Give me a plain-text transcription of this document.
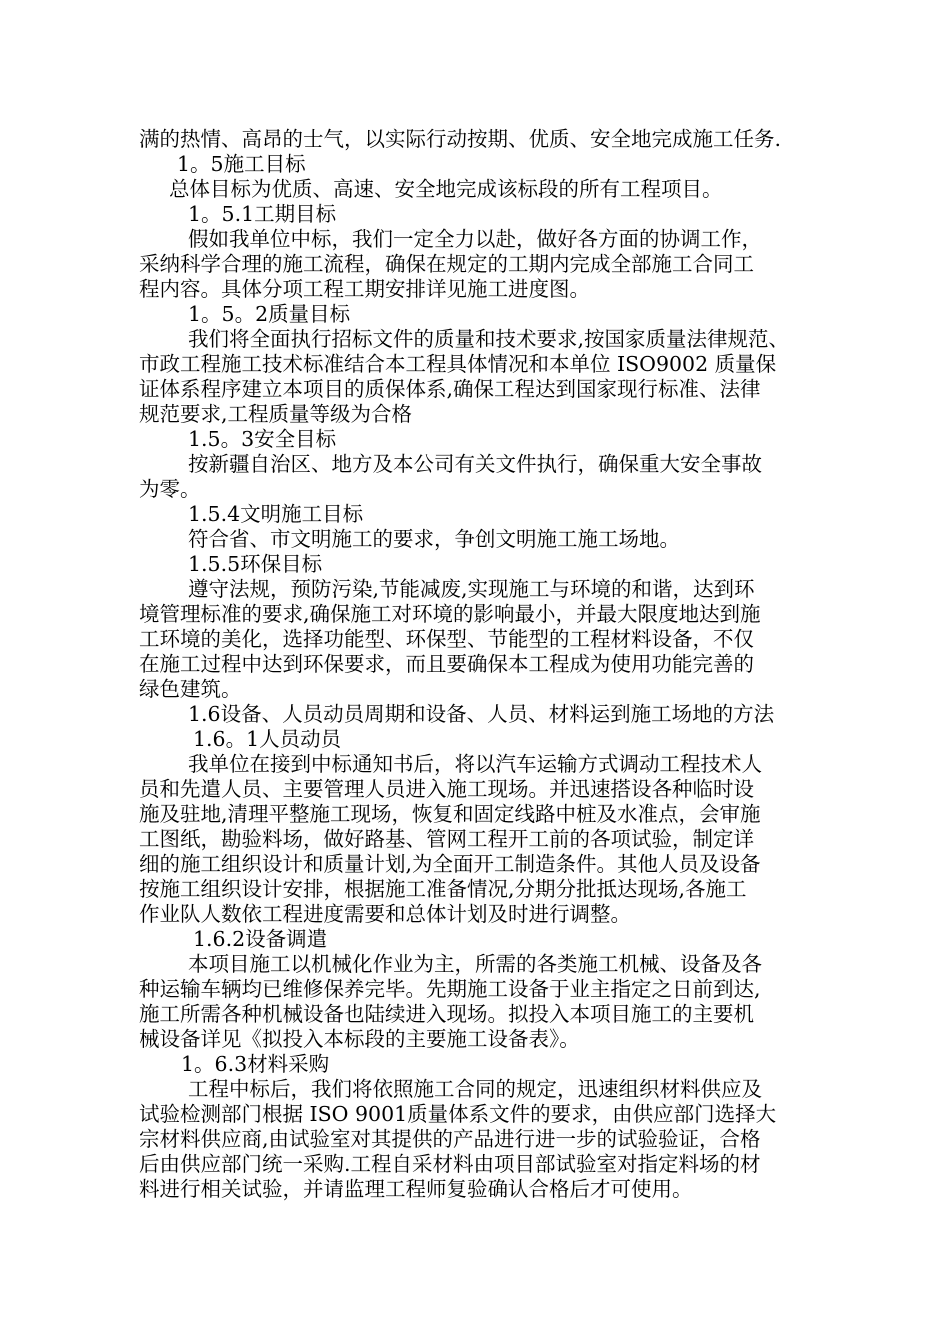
满的热情、高昂的士气，以实际行动按期、优质、安全地完成施工任务.
1。5施工目标
总体目标为优质、高速、安全地完成该标段的所有工程项目。
1。5.1工期目标
假如我单位中标，我们一定全力以赴，做好各方面的协调工作，
采纳科学合理的施工流程，确保在规定的工期内完成全部施工合同工
程内容。具体分项工程工期安排详见施工进度图。
1。5。2质量目标
我们将全面执行招标文件的质量和技术要求,按国家质量法律规范、
市政工程施工技术标准结合本工程具体情况和本单位 ISO9002 质量保
证体系程序建立本项目的质保体系,确保工程达到国家现行标准、法律
规范要求,工程质量等级为合格
1.5。3安全目标
按新疆自治区、地方及本公司有关文件执行，确保重大安全事故
为零。
1.5.4文明施工目标
符合省、市文明施工的要求，争创文明施工施工场地。
1.5.5环保目标
遵守法规，预防污染,节能减废,实现施工与环境的和谐，达到环
境管理标准的要求,确保施工对环境的影响最小，并最大限度地达到施
工环境的美化，选择功能型、环保型、节能型的工程材料设备，不仅
在施工过程中达到环保要求，而且要确保本工程成为使用功能完善的
绿色建筑。
1.6设备、人员动员周期和设备、人员、材料运到施工场地的方法
1.6。1人员动员
我单位在接到中标通知书后，将以汽车运输方式调动工程技术人
员和先遣人员、主要管理人员进入施工现场。并迅速搭设各种临时设
施及驻地,清理平整施工现场，恢复和固定线路中桩及水准点，会审施
工图纸，勘验料场，做好路基、管网工程开工前的各项试验，制定详
细的施工组织设计和质量计划,为全面开工制造条件。其他人员及设备
按施工组织设计安排，根据施工准备情况,分期分批抵达现场,各施工
作业队人数依工程进度需要和总体计划及时进行调整。
1.6.2设备调遣
本项目施工以机械化作业为主，所需的各类施工机械、设备及各
种运输车辆均已维修保养完毕。先期施工设备于业主指定之日前到达,
施工所需各种机械设备也陆续进入现场。拟投入本项目施工的主要机
械设备详见《拟投入本标段的主要施工设备表》。
1。6.3材料采购
工程中标后，我们将依照施工合同的规定，迅速组织材料供应及
试验检测部门根据 ISO 9001质量体系文件的要求，由供应部门选择大
宗材料供应商,由试验室对其提供的产品进行进一步的试验验证，合格
后由供应部门统一采购.工程自采材料由项目部试验室对指定料场的材
料进行相关试验，并请监理工程师复验确认合格后才可使用。
